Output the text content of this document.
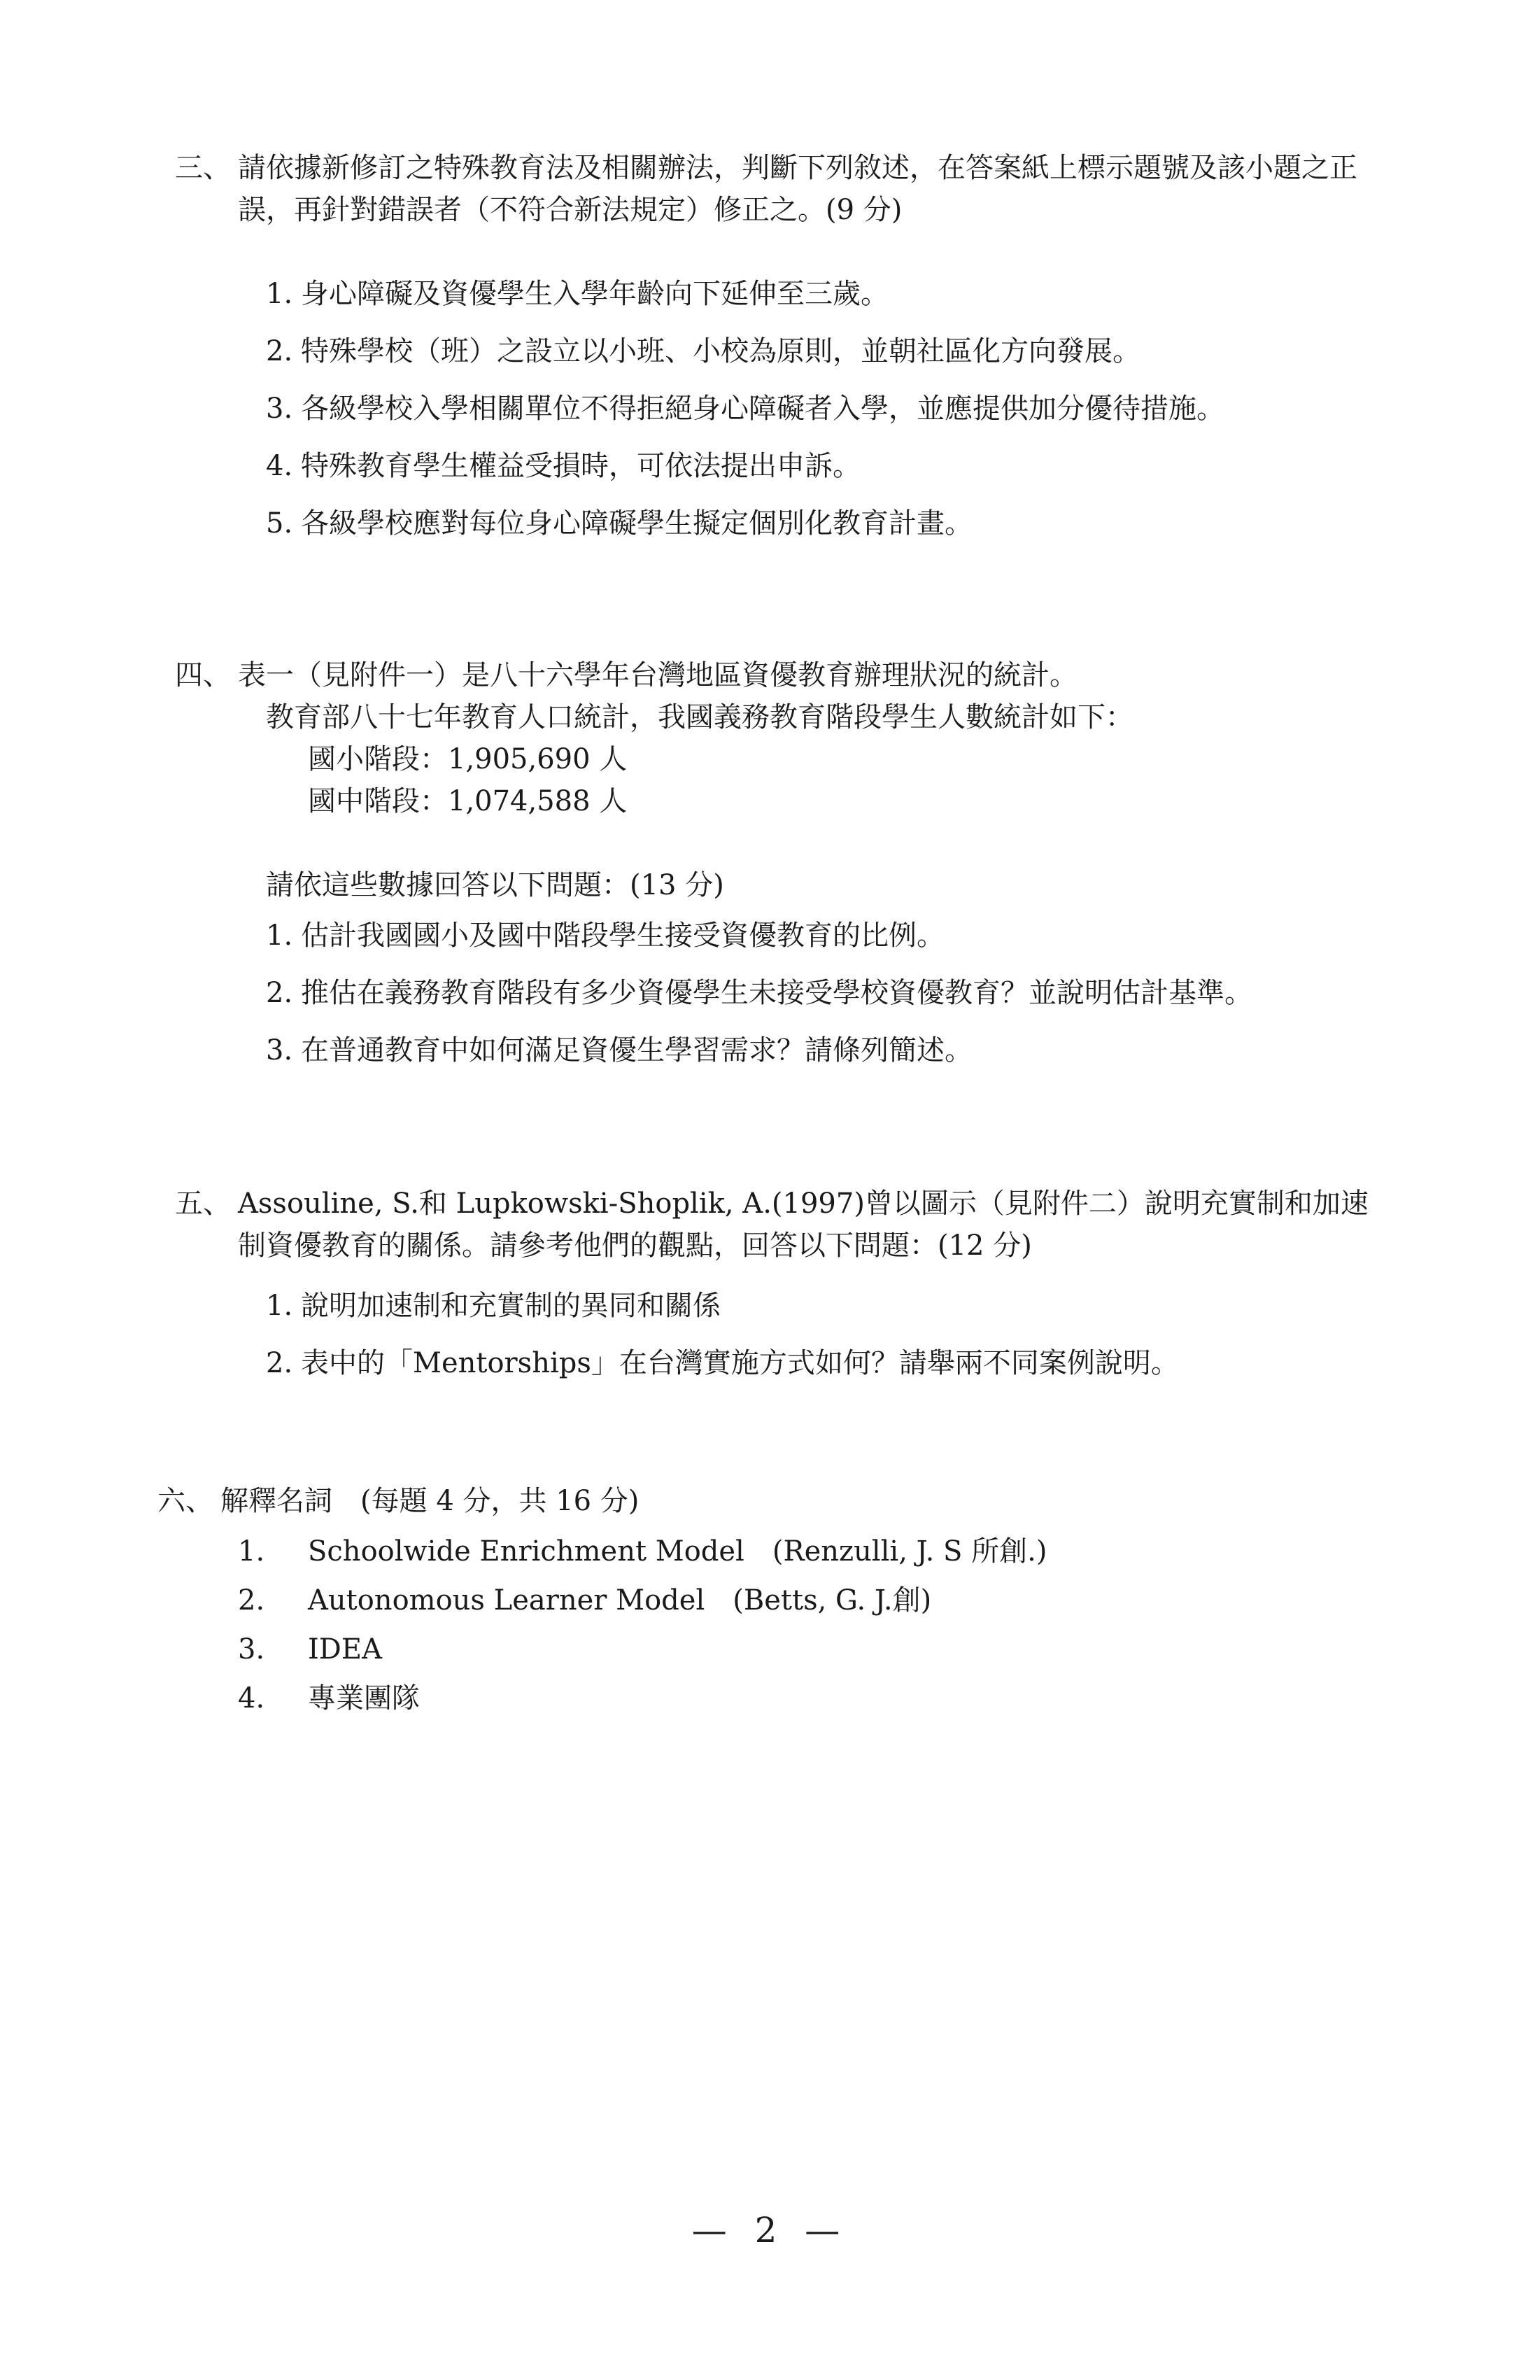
三、 請依據新修訂之特殊教育法及相關辦法，判斷下列敘述，在答案紙上標示題號及該小題之正誤，再針對錯誤者（不符合新法規定）修正之。(9 分)
1. 身心障礙及資優學生入學年齡向下延伸至三歲。
2. 特殊學校（班）之設立以小班、小校為原則，並朝社區化方向發展。
3. 各級學校入學相關單位不得拒絕身心障礙者入學，並應提供加分優待措施。
4. 特殊教育學生權益受損時，可依法提出申訴。
5. 各級學校應對每位身心障礙學生擬定個別化教育計畫。
四、 表一（見附件一）是八十六學年台灣地區資優教育辦理狀況的統計。
教育部八十七年教育人口統計，我國義務教育階段學生人數統計如下：
國小階段：1,905,690 人
國中階段：1,074,588 人
請依這些數據回答以下問題：(13 分)
1. 估計我國國小及國中階段學生接受資優教育的比例。
2. 推估在義務教育階段有多少資優學生未接受學校資優教育？並說明估計基準。
3. 在普通教育中如何滿足資優生學習需求？請條列簡述。
五、 Assouline, S.和 Lupkowski-Shoplik, A.(1997)曾以圖示（見附件二）說明充實制和加速制資優教育的關係。請參考他們的觀點，回答以下問題：(12 分)
1. 說明加速制和充實制的異同和關係
2. 表中的「Mentorships」在台灣實施方式如何？請舉兩不同案例說明。
六、 解釋名詞　(每題 4 分，共 16 分)
1.	Schoolwide Enrichment Model　(Renzulli, J. S 所創.)
2.	Autonomous Learner Model　(Betts, G. J.創)
3.	IDEA
4.	專業團隊
— 2 —
